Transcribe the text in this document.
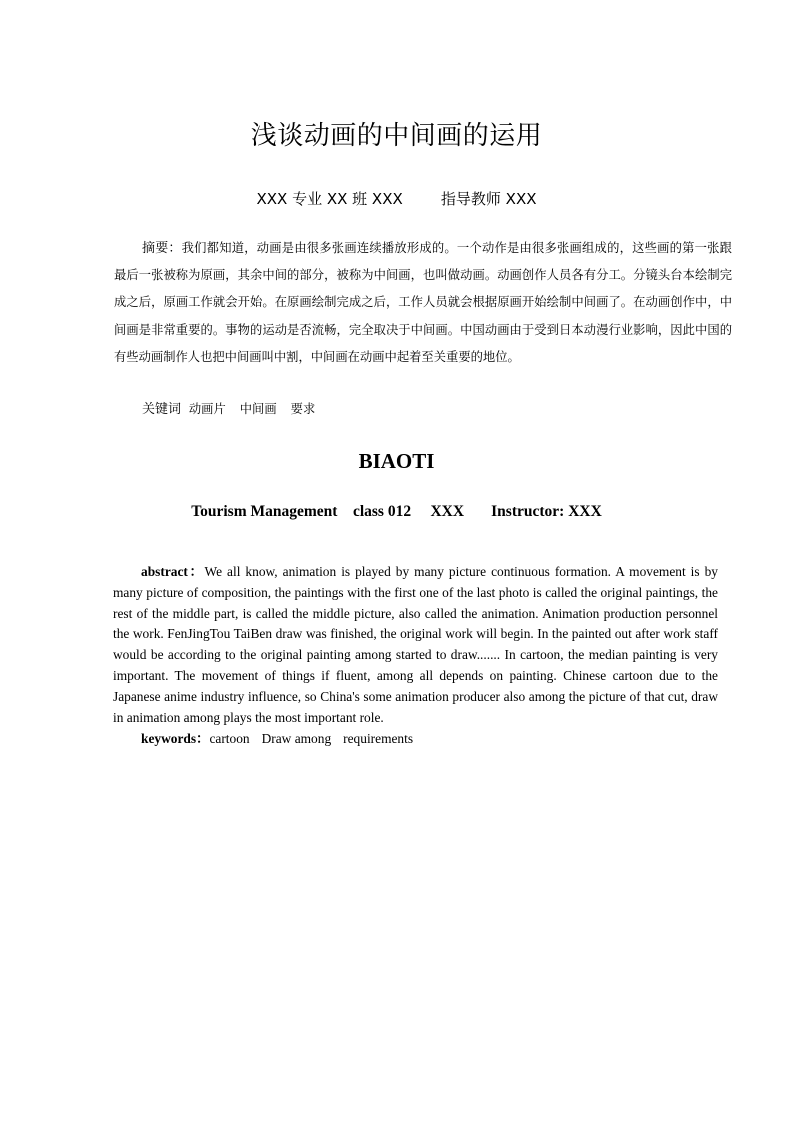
浅谈动画的中间画的运用
XXX 专业 XX 班 XXX        指导教师 XXX

摘要：我们都知道，动画是由很多张画连续播放形成的。一个动作是由很多张画组成的，这些画的第一张跟最后一张被称为原画，其余中间的部分，被称为中间画，也叫做动画。动画创作人员各有分工。分镜头台本绘制完成之后，原画工作就会开始。在原画绘制完成之后，工作人员就会根据原画开始绘制中间画了。在动画创作中，中间画是非常重要的。事物的运动是否流畅，完全取决于中间画。中国动画由于受到日本动漫行业影响，因此中国的有些动画制作人也把中间画叫中割，中间画在动画中起着至关重要的地位。

关键词 动画片 中间画 要求

BIAOTI
Tourism Management    class 012     XXX       Instructor: XXX

abstract：We all know, animation is played by many picture continuous formation. A movement is by many picture of composition, the paintings with the first one of the last photo is called the original paintings, the rest of the middle part, is called the middle picture, also called the animation. Animation production personnel the work. FenJingTou TaiBen draw was finished, the original work will begin. In the painted out after work staff would be according to the original painting among started to draw....... In cartoon, the median painting is very important. The movement of things if fluent, among all depends on painting. Chinese cartoon due to the Japanese anime industry influence, so China's some animation producer also among the picture of that cut, draw in animation among plays the most important role.

keywords：cartoon Draw among requirements
